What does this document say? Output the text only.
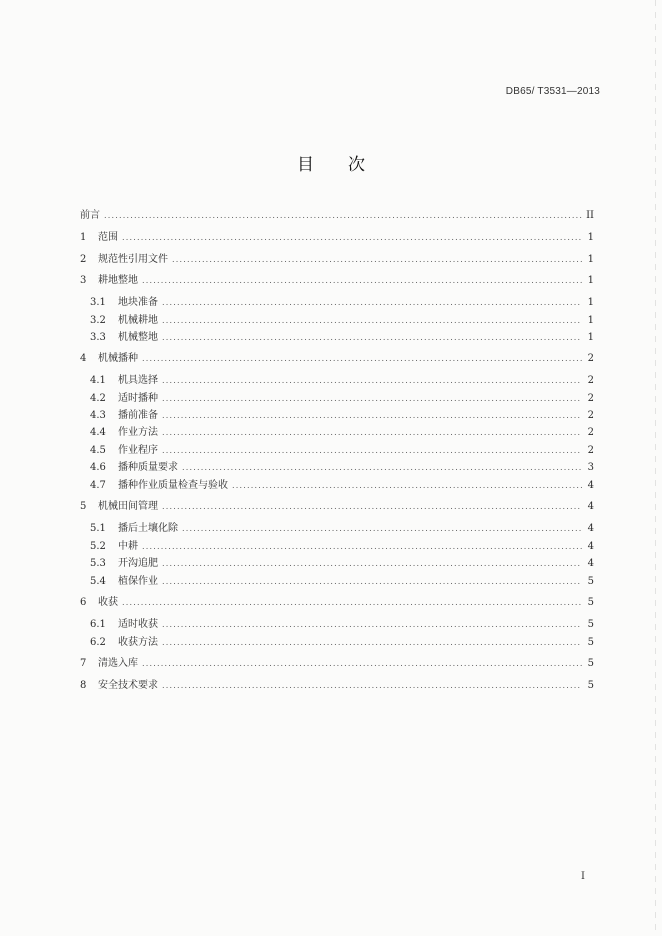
DB65/ T3531—2013
目　　次
前言 .....	II
1	范围 .....	1
2	规范性引用文件 .....	1
3	耕地整地 .....	1
3.1	地块准备 .....	1
3.2	机械耕地 .....	1
3.3	机械整地 .....	1
4	机械播种 .....	2
4.1	机具选择 .....	2
4.2	适时播种 .....	2
4.3	播前准备 .....	2
4.4	作业方法 .....	2
4.5	作业程序 .....	2
4.6	播种质量要求 .....	3
4.7	播种作业质量检查与验收 .....	4
5	机械田间管理 .....	4
5.1	播后土壤化除 .....	4
5.2	中耕 .....	4
5.3	开沟追肥 .....	4
5.4	植保作业 .....	5
6	收获 .....	5
6.1	适时收获 .....	5
6.2	收获方法 .....	5
7	清选入库 .....	5
8	安全技术要求 .....	5
I
